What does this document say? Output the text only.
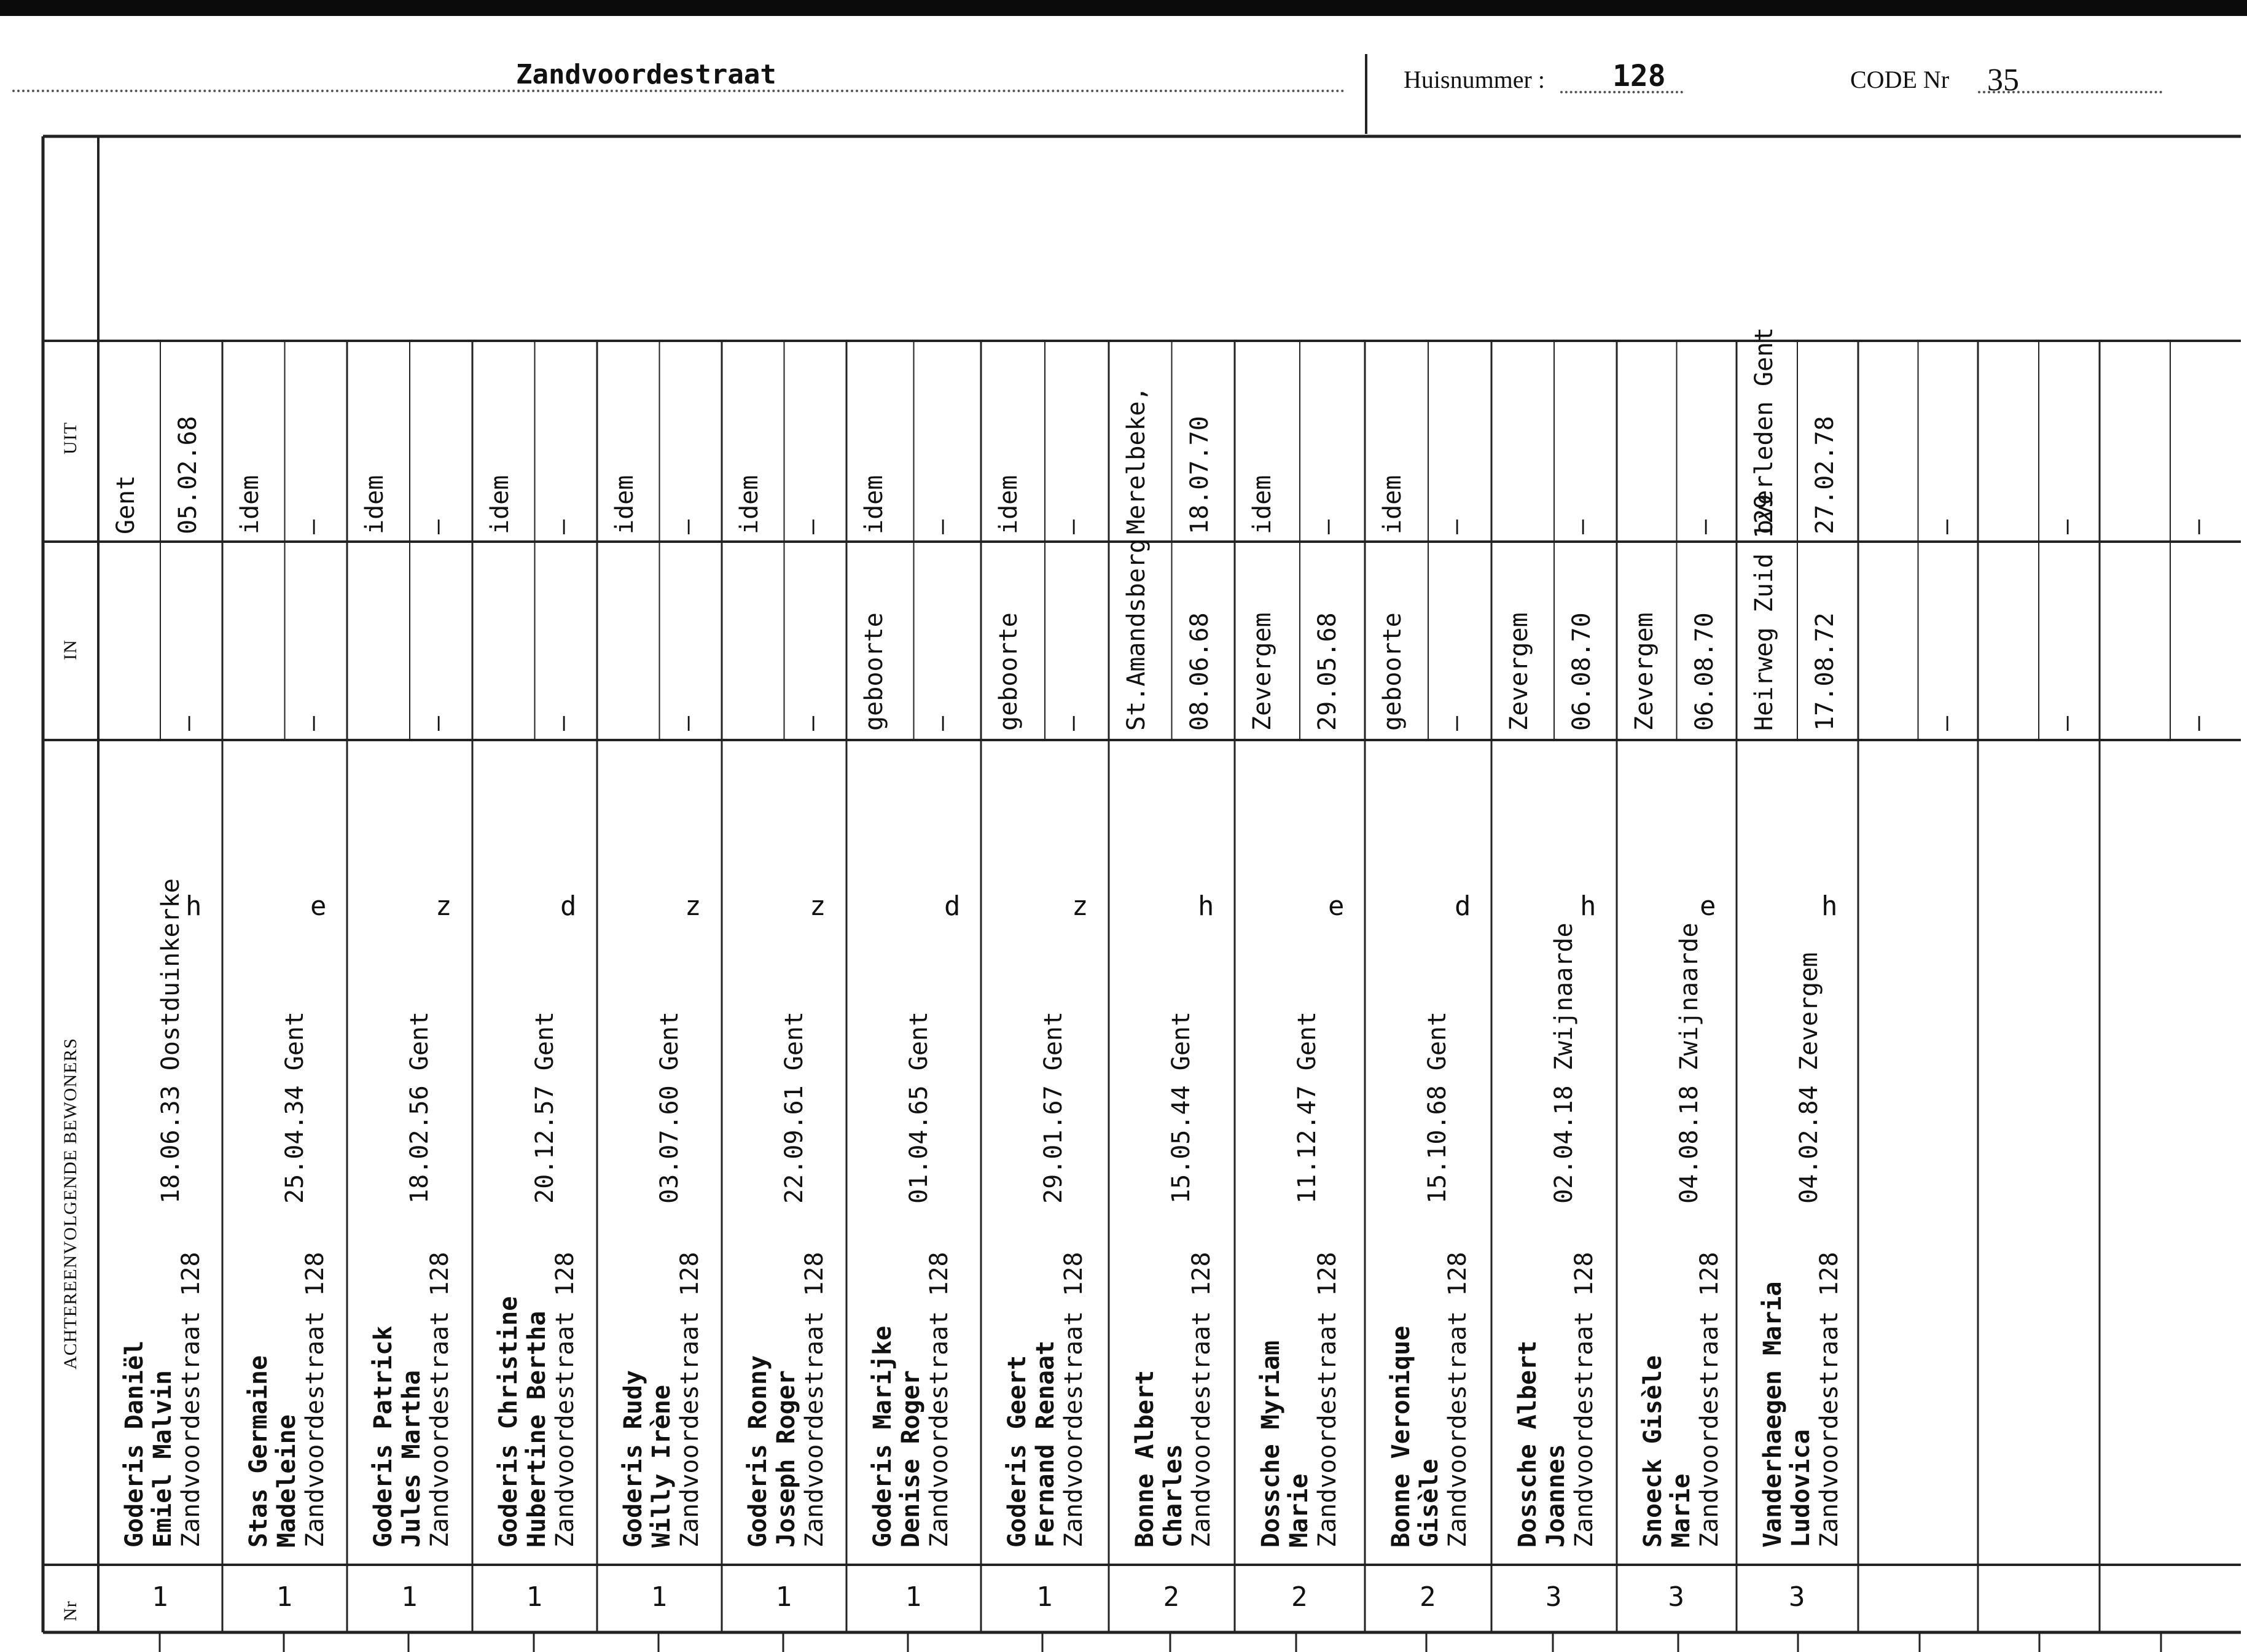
Zandvoordestraat	Huisnummer : 128	CODE Nr 35
Nr
ACHTEREENVOLGENDE BEWONERS
IN
UIT
1
Goderis Daniël Emiel Malvin Zandvoordestraat 128
18.06.33 Oostduinkerke h
—
Gent 05.02.68
1
Stas Germaine Madeleine Zandvoordestraat 128
25.04.34 Gent
e
—
idem —
1
Goderis Patrick Jules Martha Zandvoordestraat 128
18.02.56 Gent
z
—
idem —
1
Goderis Christine Hubertine Bertha Zandvoordestraat 128
20.12.57 Gent
d
—
idem —
1
Goderis Rudy Willy Irène Zandvoordestraat 128
03.07.60 Gent
z
—
idem —
1
Goderis Ronny Joseph Roger Zandvoordestraat 128
22.09.61 Gent
z
—
idem —
1
Goderis Marijke Denise Roger Zandvoordestraat 128
01.04.65 Gent
d
geboorte —
idem —
1
Goderis Geert Fernand Renaat Zandvoordestraat 128
29.01.67 Gent
z
geboorte —
idem —
2
Bonne Albert Charles Zandvoordestraat 128
15.05.44 Gent
h
St.Amandsberg 08.06.68
Merelbeke, 18.07.70
2
Dossche Myriam Marie Zandvoordestraat 128
11.12.47 Gent
e
Zevergem 29.05.68
idem —
2
Bonne Veronique Gisèle Zandvoordestraat 128
15.10.68 Gent
d
geboorte —
idem —
3
Dossche Albert Joannes Zandvoordestraat 128
02.04.18 Zwijnaarde
h
Zevergem 06.08.70
—
3
Snoeck Gisèle Marie Zandvoordestraat 128
04.08.18 Zwijnaarde
e
Zevergem 06.08.70
—
3
Vanderhaegen Maria Ludovica Zandvoordestraat 128
04.02.84 Zevergem
h
Heirweg Zuid 129 17.08.72
overleden Gent 27.02.78
—
—
—
—
—
—
